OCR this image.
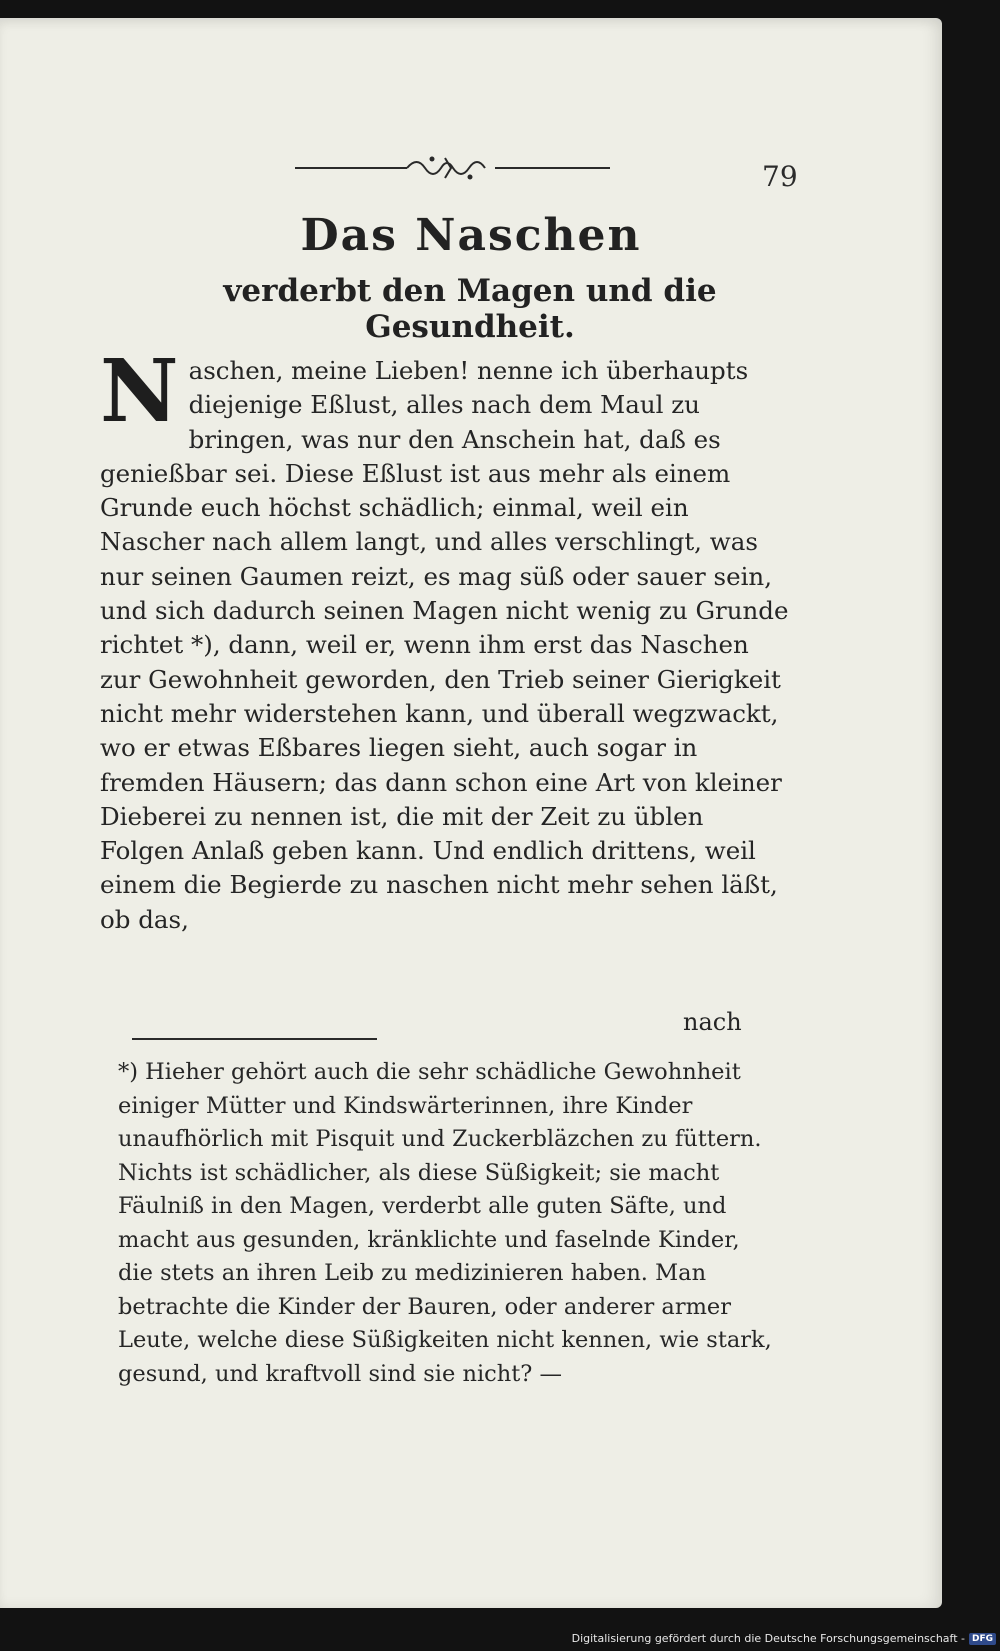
79
Das Naschen
verderbt den Magen und die Gesundheit.

Naschen, meine Lieben! nenne ich überhaupts diejenige Eßlust, alles nach dem Maul zu bringen, was nur den Anschein hat, daß es genießbar sei. Diese Eßlust ist aus mehr als einem Grunde euch höchst schädlich; einmal, weil ein Nascher nach allem langt, und alles verschlingt, was nur seinen Gaumen reizt, es mag süß oder sauer sein, und sich dadurch seinen Magen nicht wenig zu Grunde richtet *), dann, weil er, wenn ihm erst das Naschen zur Gewohnheit geworden, den Trieb seiner Gierigkeit nicht mehr widerstehen kann, und überall wegzwackt, wo er etwas Eßbares liegen sieht, auch sogar in fremden Häusern; das dann schon eine Art von kleiner Dieberei zu nennen ist, die mit der Zeit zu üblen Folgen Anlaß geben kann. Und endlich drittens, weil einem die Begierde zu naschen nicht mehr sehen läßt, ob das,

nach

*) Hieher gehört auch die sehr schädliche Gewohnheit einiger Mütter und Kindswärterinnen, ihre Kinder unaufhörlich mit Pisquit und Zuckerbläzchen zu füttern. Nichts ist schädlicher, als diese Süßigkeit; sie macht Fäulniß in den Magen, verderbt alle guten Säfte, und macht aus gesunden, kränklichte und faselnde Kinder, die stets an ihren Leib zu medizinieren haben. Man betrachte die Kinder der Bauren, oder anderer armer Leute, welche diese Süßigkeiten nicht kennen, wie stark, gesund, und kraftvoll sind sie nicht? —

Digitalisierung gefördert durch die Deutsche Forschungsgemeinschaft - DFG
